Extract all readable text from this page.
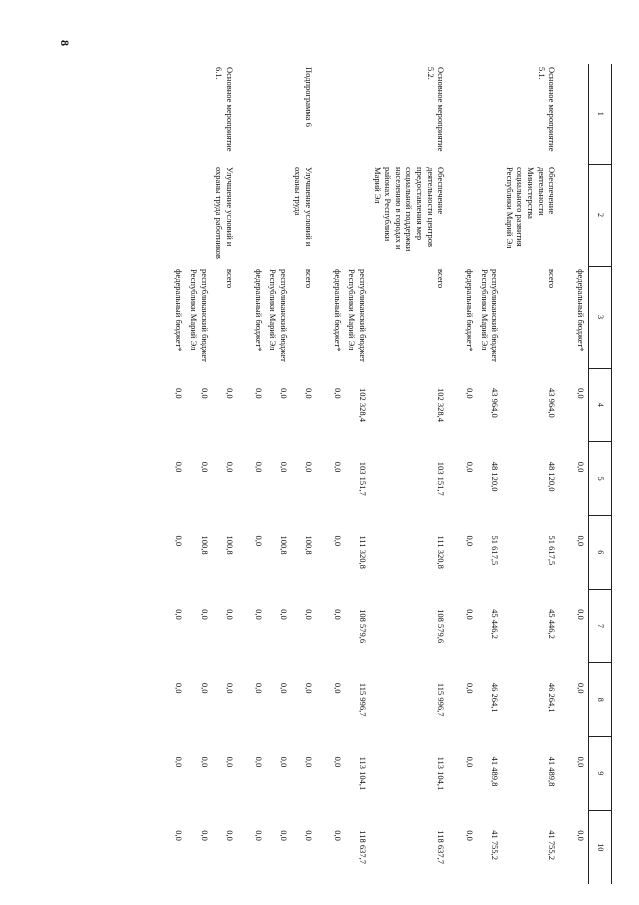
8
1	2	3	4	5	6	7	8	9	10
		федеральный бюджет*	0,0	0,0	0,0	0,0	0,0	0,0	0,0

Основное мероприятие 5.1.	Обеспечение деятельности Министерства социального развития Республики Марий Эл	всего	43 964,0	48 120,0	51 617,5	45 446,2	46 264,1	41 489,8	41 755,2
		республиканский бюджет Республики Марий Эл	43 964,0	48 120,0	51 617,5	45 446,2	46 264,1	41 489,8	41 755,2
		федеральный бюджет*	0,0	0,0	0,0	0,0	0,0	0,0	0,0

Основное мероприятие 5.2.	Обеспечение деятельности центров предоставления мер социальной поддержки населению в городах и районах Республики Марий Эл	всего	102 328,4	103 151,7	111 320,8	108 579,6	115 996,7	113 104,1	118 637,7
		республиканский бюджет Республики Марий Эл	102 328,4	103 151,7	111 320,8	108 579,6	115 996,7	113 104,1	118 637,7
		федеральный бюджет*	0,0	0,0	0,0	0,0	0,0	0,0	0,0

Подпрограмма 6	Улучшение условий и охраны труда	всего	0,0	0,0	100,8	0,0	0,0	0,0	0,0
		республиканский бюджет Республики Марий Эл	0,0	0,0	100,8	0,0	0,0	0,0	0,0
		федеральный бюджет*	0,0	0,0	0,0	0,0	0,0	0,0	0,0

Основное мероприятие 6.1.	Улучшение условий и охраны труда работников	всего	0,0	0,0	100,8	0,0	0,0	0,0	0,0
		республиканский бюджет Республики Марий Эл	0,0	0,0	100,8	0,0	0,0	0,0	0,0
		федеральный бюджет*	0,0	0,0	0,0	0,0	0,0	0,0	0,0
